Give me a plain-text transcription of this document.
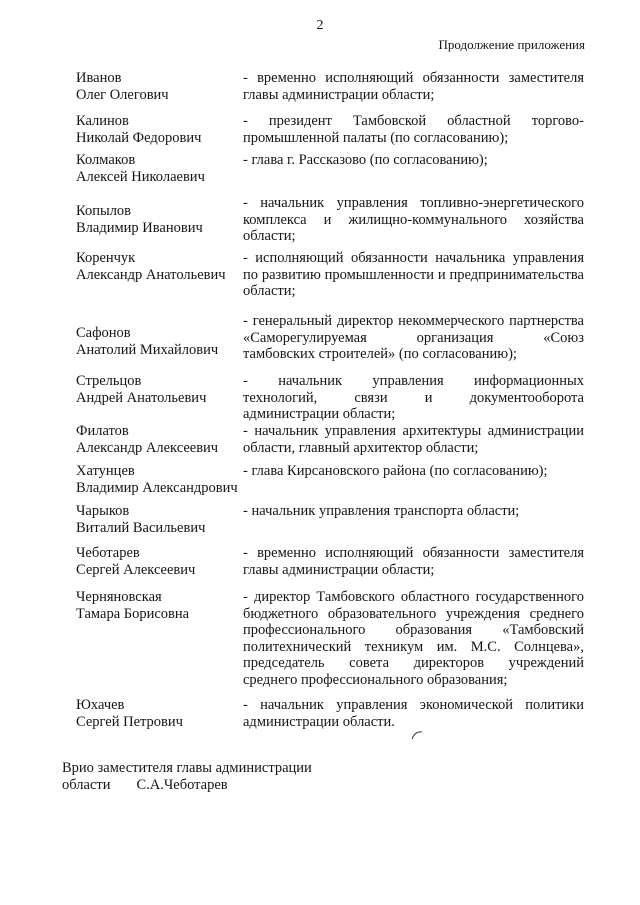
2
Продолжение приложения
Иванов
Олег Олегович
- временно исполняющий обязанности заместителя
главы администрации области;
Калинов
Николай Федорович
- президент Тамбовской областной торгово-
промышленной палаты (по согласованию);
Колмаков
Алексей Николаевич
- глава г. Рассказово (по согласованию);
Копылов
Владимир Иванович
- начальник управления топливно-энергетического
комплекса и жилищно-коммунального хозяйства
области;
Коренчук
Александр Анатольевич
- исполняющий обязанности начальника управления
по развитию промышленности и предпринимательства
области;
Сафонов
Анатолий Михайлович
- генеральный директор некоммерческого партнерства
«Саморегулируемая организация «Союз
тамбовских строителей» (по согласованию);
Стрельцов
Андрей Анатольевич
- начальник управления информационных
технологий, связи и документооборота
администрации области;
Филатов
Александр Алексеевич
- начальник управления архитектуры администрации
области, главный архитектор области;
Хатунцев
Владимир Александрович
- глава Кирсановского района (по согласованию);
Чарыков
Виталий Васильевич
- начальник управления транспорта области;
Чеботарев
Сергей Алексеевич
- временно исполняющий обязанности заместителя
главы администрации области;
Черняновская
Тамара Борисовна
- директор Тамбовского областного государственного
бюджетного образовательного учреждения среднего
профессионального образования «Тамбовский
политехнический техникум им. М.С. Солнцева»,
председатель совета директоров учреждений
среднего профессионального образования;
Юхачев
Сергей Петрович
- начальник управления экономической политики
администрации области.
Врио заместителя главы администрации
области С.А.Чеботарев
